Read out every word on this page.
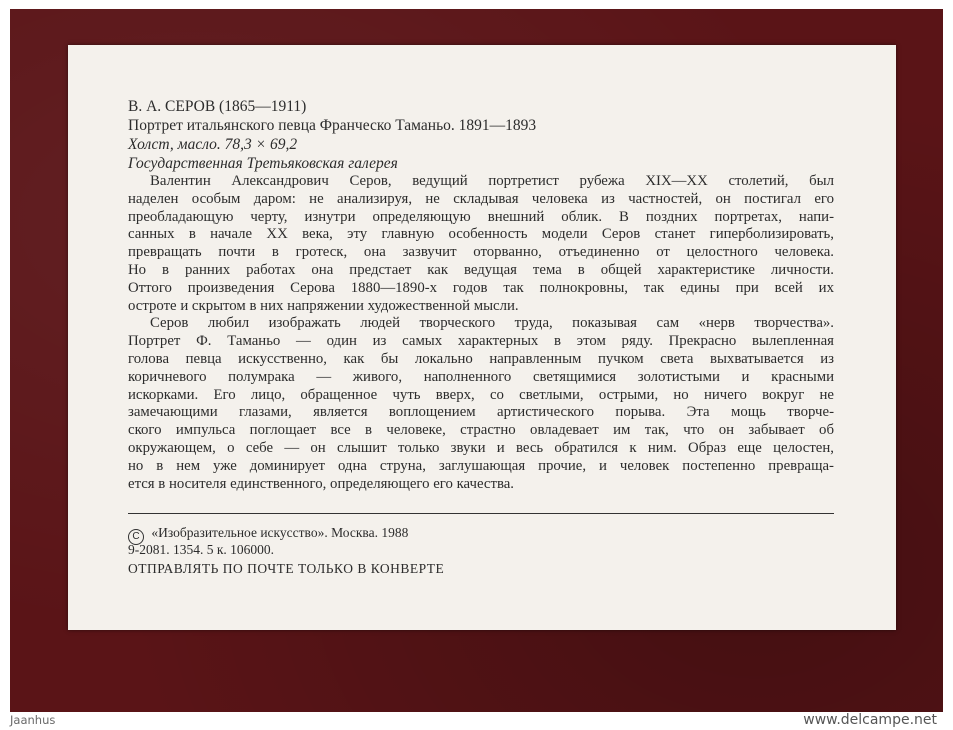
В. А. СЕРОВ (1865—1911)
Портрет итальянского певца Франческо Таманьо. 1891—1893
Холст, масло. 78,3 × 69,2
Государственная Третьяковская галерея
Валентин Александрович Серов, ведущий портретист рубежа XIX—XX столетий, был
наделен особым даром: не анализируя, не складывая человека из частностей, он постигал его
преобладающую черту, изнутри определяющую внешний облик. В поздних портретах, напи-
санных в начале XX века, эту главную особенность модели Серов станет гиперболизировать,
превращать почти в гротеск, она зазвучит оторванно, отъединенно от целостного человека.
Но в ранних работах она предстает как ведущая тема в общей характеристике личности.
Оттого произведения Серова 1880—1890-х годов так полнокровны, так едины при всей их
остроте и скрытом в них напряжении художественной мысли.
Серов любил изображать людей творческого труда, показывая сам «нерв творчества».
Портрет Ф. Таманьо — один из самых характерных в этом ряду. Прекрасно вылепленная
голова певца искусственно, как бы локально направленным пучком света выхватывается из
коричневого полумрака — живого, наполненного светящимися золотистыми и красными
искорками. Его лицо, обращенное чуть вверх, со светлыми, острыми, но ничего вокруг не
замечающими глазами, является воплощением артистического порыва. Эта мощь творче-
ского импульса поглощает все в человеке, страстно овладевает им так, что он забывает об
окружающем, о себе — он слышит только звуки и весь обратился к ним. Образ еще целостен,
но в нем уже доминирует одна струна, заглушающая прочие, и человек постепенно превраща-
ется в носителя единственного, определяющего его качества.
С «Изобразительное искусство». Москва. 1988
9-2081. 1354. 5 к. 106000.
ОТПРАВЛЯТЬ ПО ПОЧТЕ ТОЛЬКО В КОНВЕРТЕ
Jaanhus	www.delcampe.net
